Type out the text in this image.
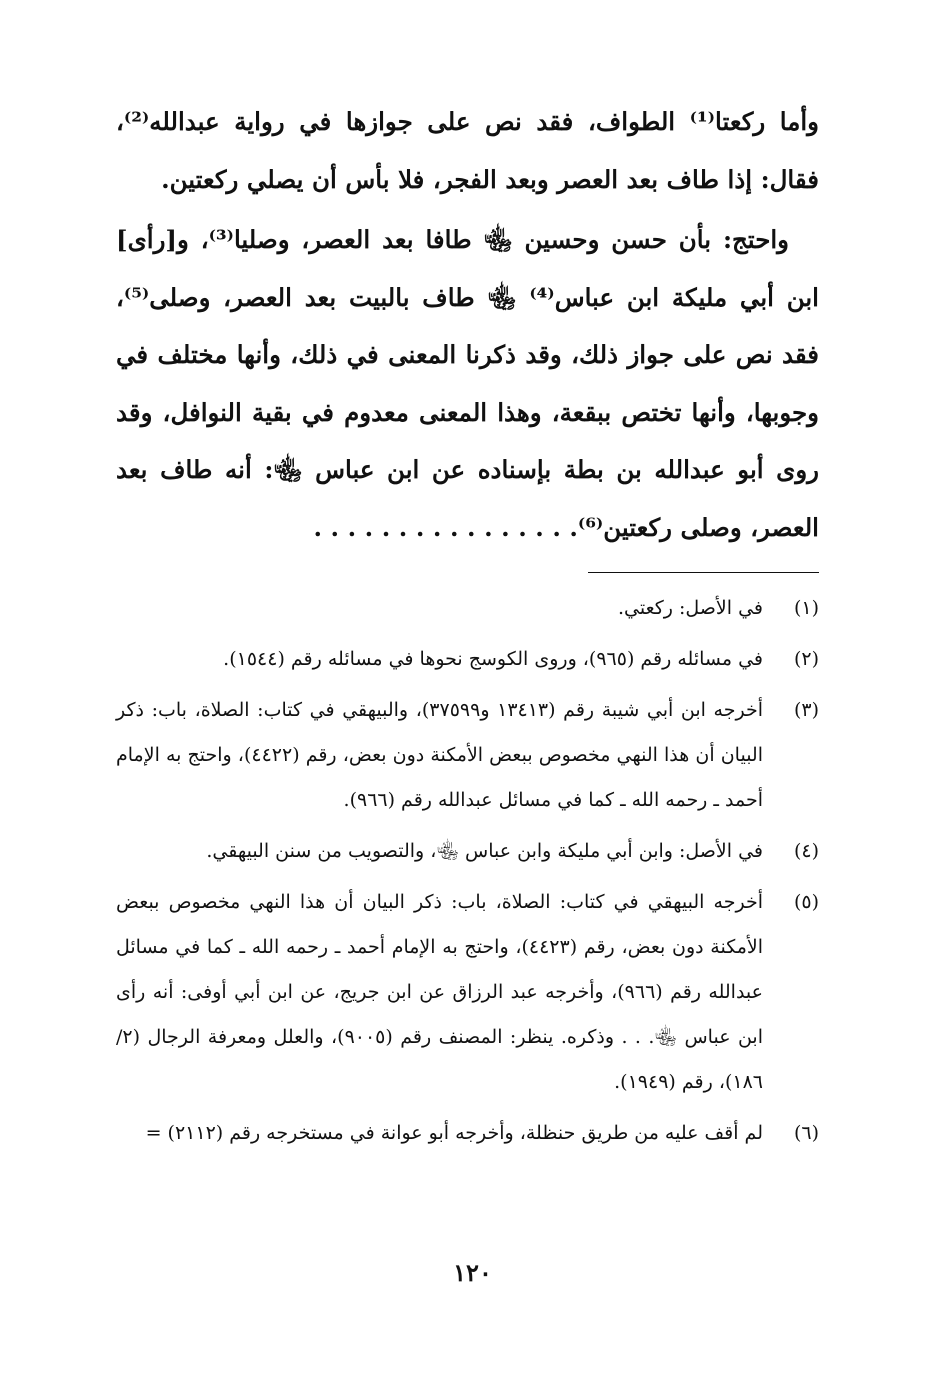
وأما ركعتا⁽¹⁾ الطواف، فقد نص على جوازها في رواية عبدالله⁽²⁾، فقال: إذا طاف بعد العصر وبعد الفجر، فلا بأس أن يصلي ركعتين.

واحتج: بأن حسن وحسين ﵄ طافا بعد العصر، وصليا⁽³⁾، و[رأى] ابن أبي مليكة ابن عباس⁽⁴⁾ ﵄ طاف بالبيت بعد العصر، وصلى⁽⁵⁾، فقد نص على جواز ذلك، وقد ذكرنا المعنى في ذلك، وأنها مختلف في وجوبها، وأنها تختص ببقعة، وهذا المعنى معدوم في بقية النوافل، وقد روى أبو عبدالله بن بطة بإسناده عن ابن عباس ﵄: أنه طاف بعد العصر، وصلى ركعتين⁽⁶⁾. . . . . . . . . . . . . . . .

(١)
في الأصل: ركعتي.
(٢)
في مسائله رقم (٩٦٥)، وروى الكوسج نحوها في مسائله رقم (١٥٤٤).
(٣)
أخرجه ابن أبي شيبة رقم (١٣٤١٣ و٣٧٥٩٩)، والبيهقي في كتاب: الصلاة، باب: ذكر البيان أن هذا النهي مخصوص ببعض الأمكنة دون بعض، رقم (٤٤٢٢)، واحتج به الإمام أحمد ـ رحمه الله ـ كما في مسائل عبدالله رقم (٩٦٦).
(٤)
في الأصل: وابن أبي مليكة وابن عباس ﵄، والتصويب من سنن البيهقي.
(٥)
أخرجه البيهقي في كتاب: الصلاة، باب: ذكر البيان أن هذا النهي مخصوص ببعض الأمكنة دون بعض، رقم (٤٤٢٣)، واحتج به الإمام أحمد ـ رحمه الله ـ كما في مسائل عبدالله رقم (٩٦٦)، وأخرجه عبد الرزاق عن ابن جريج، عن ابن أبي أوفى: أنه رأى ابن عباس ﵄. . . وذكره. ينظر: المصنف رقم (٩٠٠٥)، والعلل ومعرفة الرجال (٢/ ١٨٦)، رقم (١٩٤٩).
(٦)
لم أقف عليه من طريق حنظلة، وأخرجه أبو عوانة في مستخرجه رقم (٢١١٢) =
١٢٠
